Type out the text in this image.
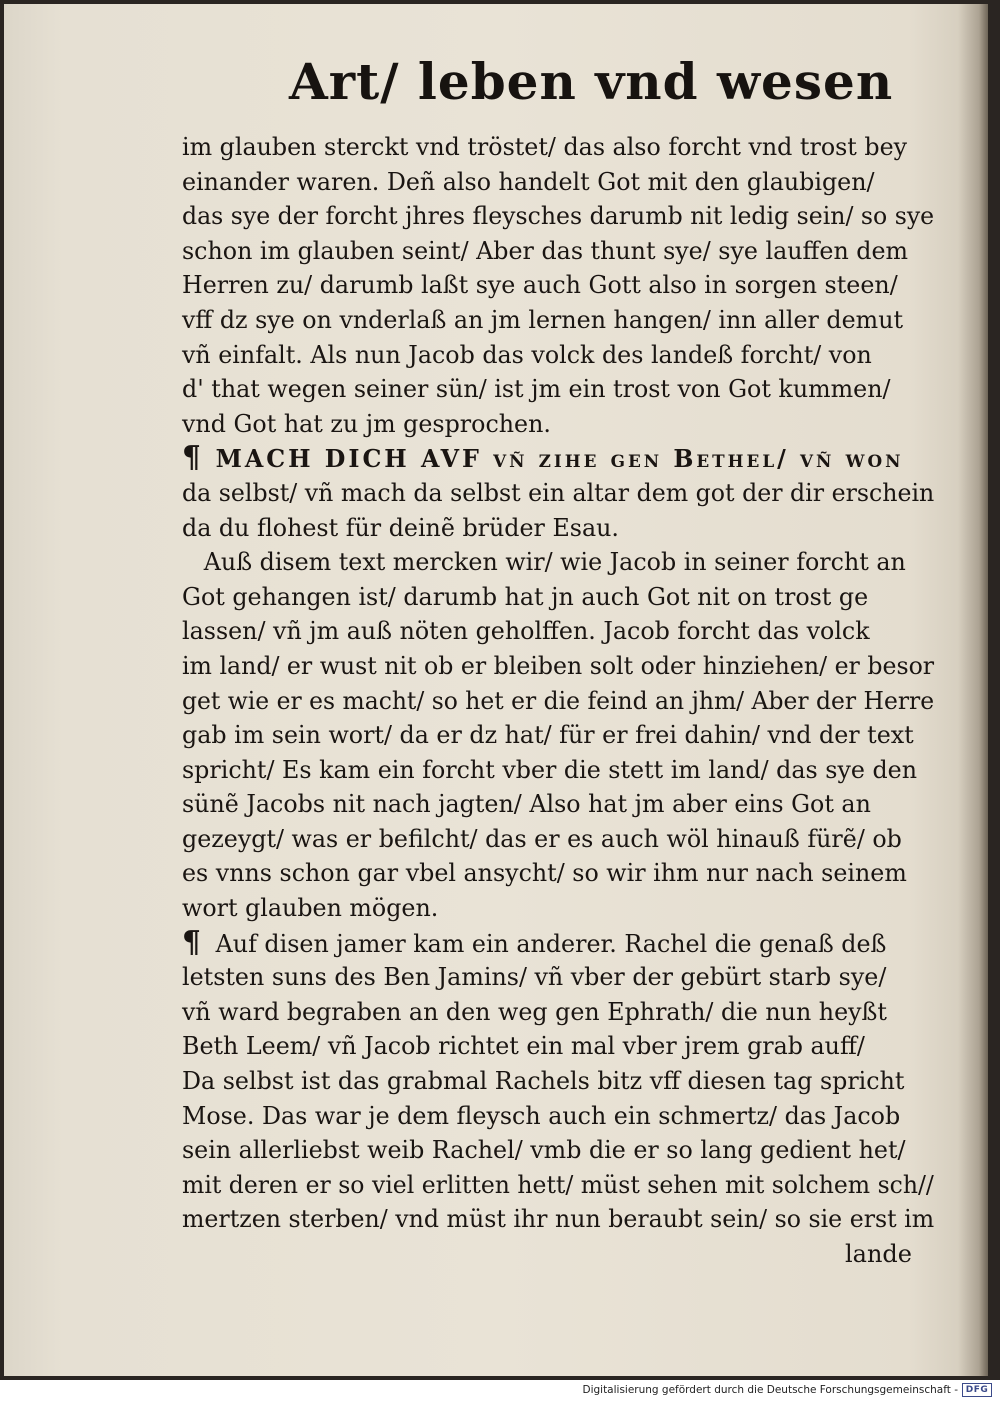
Art/ leben vnd wesen
im glauben sterckt vnd tröstet/ das also forcht vnd trost bey
einander waren. Deñ also handelt Got mit den glaubigen/
das sye der forcht jhres fleysches darumb nit ledig sein/ so sye
schon im glauben seint/ Aber das thunt sye/ sye lauffen dem
Herren zu/ darumb laßt sye auch Gott also in sorgen steen/
vff dz sye on vnderlaß an jm lernen hangen/ inn aller demut
vñ einfalt. Als nun Jacob das volck des landeß forcht/ von
d' that wegen seiner sün/ ist jm ein trost von Got kummen/
vnd Got hat zu jm gesprochen.
¶ MACH DICH AVF vñ zihe gen Bethel/ vñ won
da selbst/ vñ mach da selbst ein altar dem got der dir erschein
da du flohest für deinẽ brüder Esau.
Auß disem text mercken wir/ wie Jacob in seiner forcht an
Got gehangen ist/ darumb hat jn auch Got nit on trost ge
lassen/ vñ jm auß nöten geholffen. Jacob forcht das volck
im land/ er wust nit ob er bleiben solt oder hinziehen/ er besor
get wie er es macht/ so het er die feind an jhm/ Aber der Herre
gab im sein wort/ da er dz hat/ für er frei dahin/ vnd der text
spricht/ Es kam ein forcht vber die stett im land/ das sye den
sünẽ Jacobs nit nach jagten/ Also hat jm aber eins Got an
gezeygt/ was er befilcht/ das er es auch wöl hinauß fürẽ/ ob
es vnns schon gar vbel ansycht/ so wir ihm nur nach seinem
wort glauben mögen.
¶ Auf disen jamer kam ein anderer. Rachel die genaß deß
letsten suns des Ben Jamins/ vñ vber der gebürt starb sye/
vñ ward begraben an den weg gen Ephrath/ die nun heyßt
Beth Leem/ vñ Jacob richtet ein mal vber jrem grab auff/
Da selbst ist das grabmal Rachels bitz vff diesen tag spricht
Mose. Das war je dem fleysch auch ein schmertz/ das Jacob
sein allerliebst weib Rachel/ vmb die er so lang gedient het/
mit deren er so viel erlitten hett/ müst sehen mit solchem sch//
mertzen sterben/ vnd müst ihr nun beraubt sein/ so sie erst im
lande
Digitalisierung gefördert durch die Deutsche Forschungsgemeinschaft - DFG
